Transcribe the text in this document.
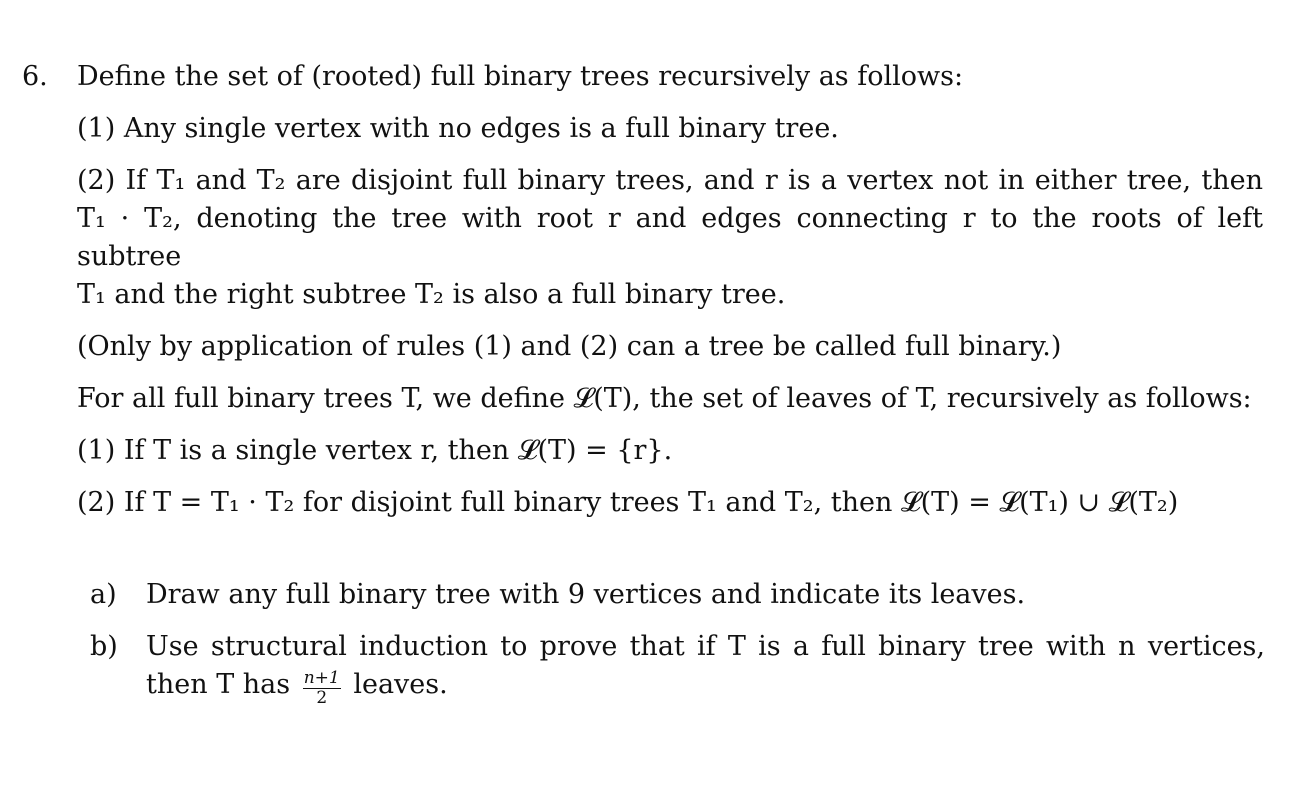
6. Define the set of (rooted) full binary trees recursively as follows:

(1) Any single vertex with no edges is a full binary tree.

(2) If T₁ and T₂ are disjoint full binary trees, and r is a vertex not in either tree, then
T₁ · T₂, denoting the tree with root r and edges connecting r to the roots of left subtree
T₁ and the right subtree T₂ is also a full binary tree.

(Only by application of rules (1) and (2) can a tree be called full binary.)

For all full binary trees T, we define 𝓛(T), the set of leaves of T, recursively as follows:

(1) If T is a single vertex r, then 𝓛(T) = {r}.

(2) If T = T₁ · T₂ for disjoint full binary trees T₁ and T₂, then 𝓛(T) = 𝓛(T₁) ∪ 𝓛(T₂)

a) Draw any full binary tree with 9 vertices and indicate its leaves.
b) Use structural induction to prove that if T is a full binary tree with n vertices,
then T has $\frac{n+1}{2}$ leaves.
